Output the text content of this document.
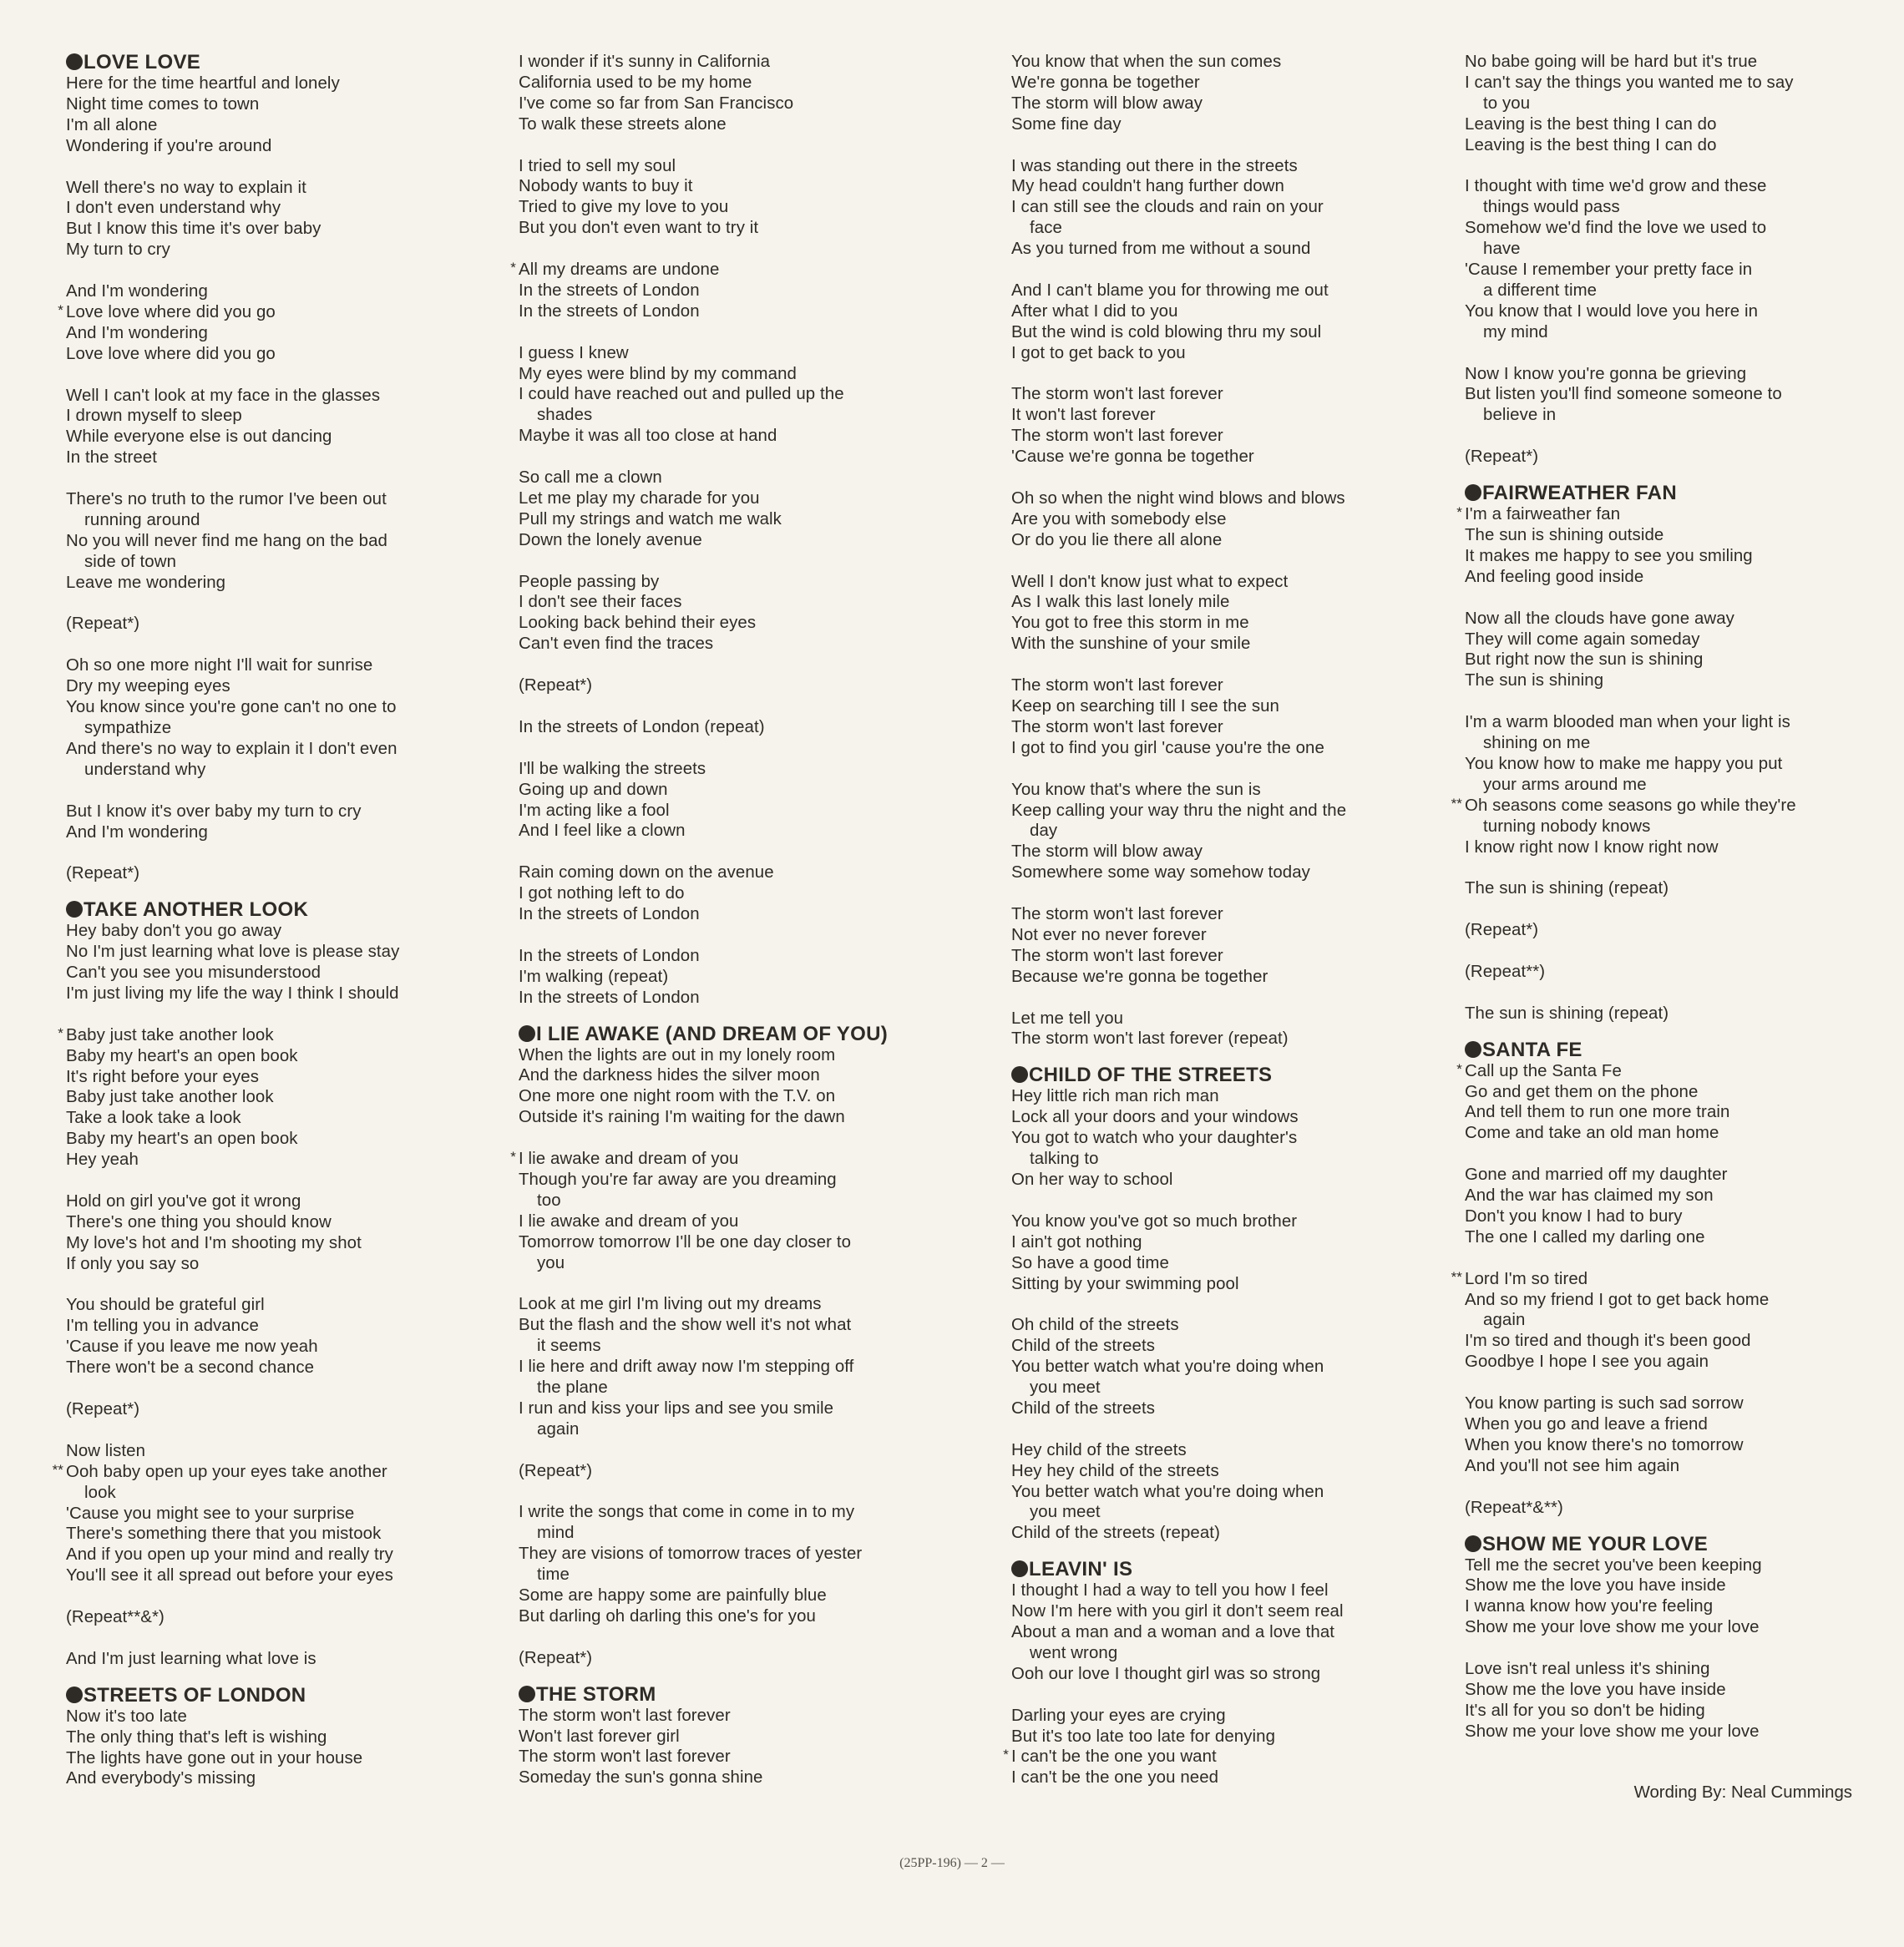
LOVE LOVE
Here for the time heartful and lonely
Night time comes to town
I'm all alone
Wondering if you're around
Well there's no way to explain it
I don't even understand why
But I know this time it's over baby
My turn to cry
And I'm wondering
* Love love where did you go
And I'm wondering
Love love where did you go
Well I can't look at my face in the glasses
I drown myself to sleep
While everyone else is out dancing
In the street
There's no truth to the rumor I've been out
running around
No you will never find me hang on the bad
side of town
Leave me wondering
(Repeat*)
Oh so one more night I'll wait for sunrise
Dry my weeping eyes
You know since you're gone can't no one to
sympathize
And there's no way to explain it I don't even
understand why
But I know it's over baby my turn to cry
And I'm wondering
(Repeat*)
TAKE ANOTHER LOOK
Hey baby don't you go away
No I'm just learning what love is please stay
Can't you see you misunderstood
I'm just living my life the way I think I should
* Baby just take another look
Baby my heart's an open book
It's right before your eyes
Baby just take another look
Take a look take a look
Baby my heart's an open book
Hey yeah
Hold on girl you've got it wrong
There's one thing you should know
My love's hot and I'm shooting my shot
If only you say so
You should be grateful girl
I'm telling you in advance
'Cause if you leave me now yeah
There won't be a second chance
(Repeat*)
Now listen
** Ooh baby open up your eyes take another
look
'Cause you might see to your surprise
There's something there that you mistook
And if you open up your mind and really try
You'll see it all spread out before your eyes
(Repeat**&*)
And I'm just learning what love is
STREETS OF LONDON
Now it's too late
The only thing that's left is wishing
The lights have gone out in your house
And everybody's missing
I wonder if it's sunny in California
California used to be my home
I've come so far from San Francisco
To walk these streets alone
I tried to sell my soul
Nobody wants to buy it
Tried to give my love to you
But you don't even want to try it
* All my dreams are undone
In the streets of London
In the streets of London
I guess I knew
My eyes were blind by my command
I could have reached out and pulled up the
shades
Maybe it was all too close at hand
So call me a clown
Let me play my charade for you
Pull my strings and watch me walk
Down the lonely avenue
People passing by
I don't see their faces
Looking back behind their eyes
Can't even find the traces
(Repeat*)
In the streets of London (repeat)
I'll be walking the streets
Going up and down
I'm acting like a fool
And I feel like a clown
Rain coming down on the avenue
I got nothing left to do
In the streets of London
In the streets of London
I'm walking (repeat)
In the streets of London
I LIE AWAKE (AND DREAM OF YOU)
When the lights are out in my lonely room
And the darkness hides the silver moon
One more one night room with the T.V. on
Outside it's raining I'm waiting for the dawn
* I lie awake and dream of you
Though you're far away are you dreaming
too
I lie awake and dream of you
Tomorrow tomorrow I'll be one day closer to
you
Look at me girl I'm living out my dreams
But the flash and the show well it's not what
it seems
I lie here and drift away now I'm stepping off
the plane
I run and kiss your lips and see you smile
again
(Repeat*)
I write the songs that come in come in to my
mind
They are visions of tomorrow traces of yester
time
Some are happy some are painfully blue
But darling oh darling this one's for you
(Repeat*)
THE STORM
The storm won't last forever
Won't last forever girl
The storm won't last forever
Someday the sun's gonna shine
You know that when the sun comes
We're gonna be together
The storm will blow away
Some fine day
I was standing out there in the streets
My head couldn't hang further down
I can still see the clouds and rain on your
face
As you turned from me without a sound
And I can't blame you for throwing me out
After what I did to you
But the wind is cold blowing thru my soul
I got to get back to you
The storm won't last forever
It won't last forever
The storm won't last forever
'Cause we're gonna be together
Oh so when the night wind blows and blows
Are you with somebody else
Or do you lie there all alone
Well I don't know just what to expect
As I walk this last lonely mile
You got to free this storm in me
With the sunshine of your smile
The storm won't last forever
Keep on searching till I see the sun
The storm won't last forever
I got to find you girl 'cause you're the one
You know that's where the sun is
Keep calling your way thru the night and the
day
The storm will blow away
Somewhere some way somehow today
The storm won't last forever
Not ever no never forever
The storm won't last forever
Because we're gonna be together
Let me tell you
The storm won't last forever (repeat)
CHILD OF THE STREETS
Hey little rich man rich man
Lock all your doors and your windows
You got to watch who your daughter's
talking to
On her way to school
You know you've got so much brother
I ain't got nothing
So have a good time
Sitting by your swimming pool
Oh child of the streets
Child of the streets
You better watch what you're doing when
you meet
Child of the streets
Hey child of the streets
Hey hey child of the streets
You better watch what you're doing when
you meet
Child of the streets (repeat)
LEAVIN' IS
I thought I had a way to tell you how I feel
Now I'm here with you girl it don't seem real
About a man and a woman and a love that
went wrong
Ooh our love I thought girl was so strong
Darling your eyes are crying
But it's too late too late for denying
* I can't be the one you want
I can't be the one you need
No babe going will be hard but it's true
I can't say the things you wanted me to say
to you
Leaving is the best thing I can do
Leaving is the best thing I can do
I thought with time we'd grow and these
things would pass
Somehow we'd find the love we used to
have
'Cause I remember your pretty face in
a different time
You know that I would love you here in
my mind
Now I know you're gonna be grieving
But listen you'll find someone someone to
believe in
(Repeat*)
FAIRWEATHER FAN
* I'm a fairweather fan
The sun is shining outside
It makes me happy to see you smiling
And feeling good inside
Now all the clouds have gone away
They will come again someday
But right now the sun is shining
The sun is shining
I'm a warm blooded man when your light is
shining on me
You know how to make me happy you put
your arms around me
** Oh seasons come seasons go while they're
turning nobody knows
I know right now I know right now
The sun is shining (repeat)
(Repeat*)
(Repeat**)
The sun is shining (repeat)
SANTA FE
* Call up the Santa Fe
Go and get them on the phone
And tell them to run one more train
Come and take an old man home
Gone and married off my daughter
And the war has claimed my son
Don't you know I had to bury
The one I called my darling one
** Lord I'm so tired
And so my friend I got to get back home
again
I'm so tired and though it's been good
Goodbye I hope I see you again
You know parting is such sad sorrow
When you go and leave a friend
When you know there's no tomorrow
And you'll not see him again
(Repeat*&**)
SHOW ME YOUR LOVE
Tell me the secret you've been keeping
Show me the love you have inside
I wanna know how you're feeling
Show me your love show me your love
Love isn't real unless it's shining
Show me the love you have inside
It's all for you so don't be hiding
Show me your love show me your love
Wording By: Neal Cummings
(25PP-196) — 2 —
